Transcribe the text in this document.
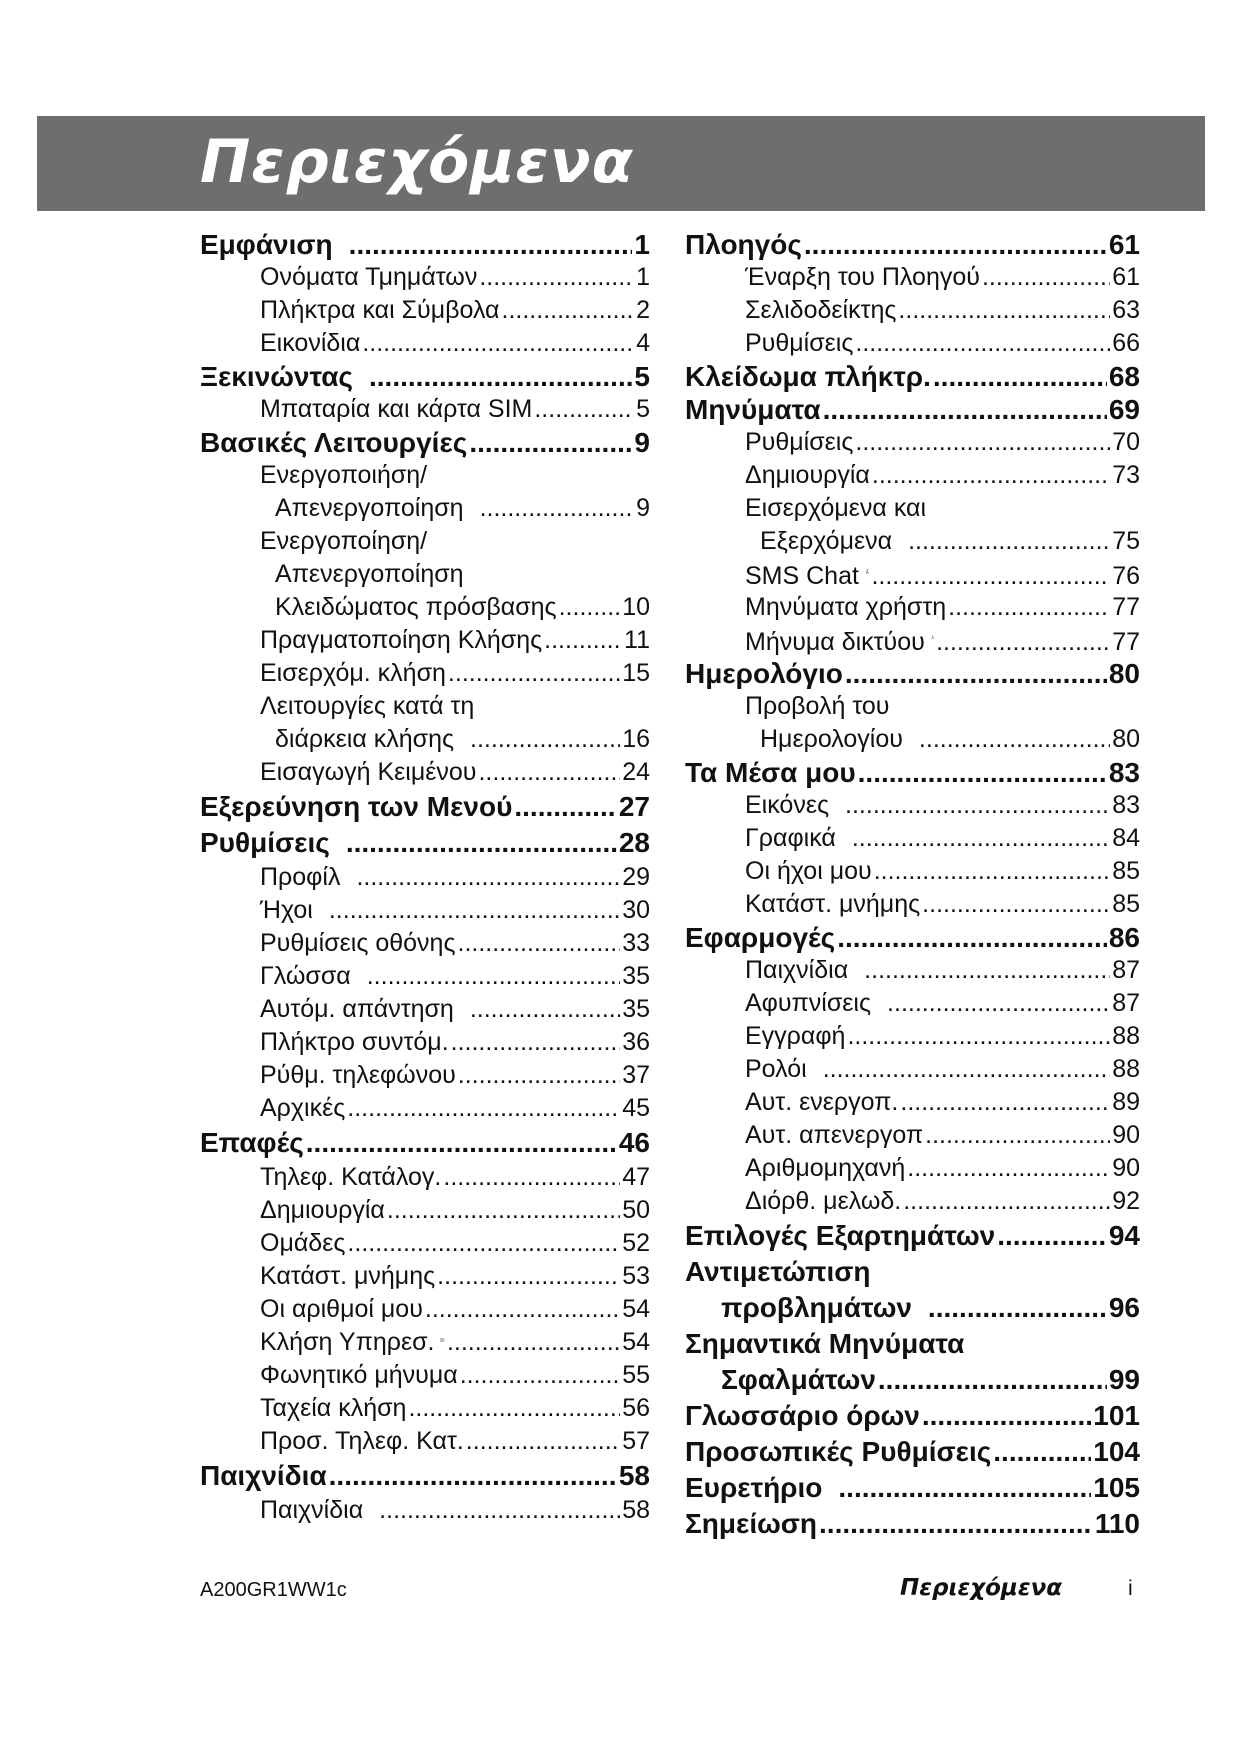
Περιεχόμενα
Εμφάνιση .....	1
Ονόματα Τμημάτων .....	1
Πλήκτρα και Σύμβολα .....	2
Εικονίδια .....	4
Ξεκινώντας .....	5
Μπαταρία και κάρτα SIM .....	5
Βασικές Λειτουργίες .....	9
Ενεργοποιήση/
Απενεργοποίηση .....	9
Ενεργοποίηση/
Απενεργοποίηση
Κλειδώματος πρόσβασης .....	10
Πραγματοποίηση Κλήσης .....	11
Εισερχόμ. κλήση .....	15
Λειτουργίες κατά τη
διάρκεια κλήσης .....	16
Εισαγωγή Κειμένου .....	24
Εξερεύνηση των Μενού .....	27
Ρυθμίσεις .....	28
Προφίλ .....	29
Ήχοι .....	30
Ρυθμίσεις οθόνης .....	33
Γλώσσα .....	35
Αυτόμ. απάντηση .....	35
Πλήκτρο συντόμ. .....	36
Ρύθμ. τηλεφώνου .....	37
Αρχικές .....	45
Επαφές .....	46
Τηλεφ. Κατάλογ. .....	47
Δημιουργία .....	50
Ομάδες .....	52
Κατάστ. μνήμης .....	53
Οι αριθμοί μου .....	54
Κλήση Υπηρεσ. .....	54
Φωνητικό μήνυμα .....	55
Ταχεία κλήση .....	56
Προσ. Τηλεφ. Κατ. .....	57
Παιχνίδια .....	58
Παιχνίδια .....	58
Πλοηγός .....	61
Έναρξη του Πλοηγού .....	61
Σελιδοδείκτης .....	63
Ρυθμίσεις .....	66
Κλείδωμα πλήκτρ. .....	68
Μηνύματα .....	69
Ρυθμίσεις .....	70
Δημιουργία .....	73
Εισερχόμενα και
Εξερχόμενα .....	75
SMS Chat .....	76
Μηνύματα χρήστη .....	77
Μήνυμα δικτύου .....	77
Ημερολόγιο .....	80
Προβολή του
Ημερολογίου .....	80
Τα Μέσα μου .....	83
Εικόνες .....	83
Γραφικά .....	84
Οι ήχοι μου .....	85
Κατάστ. μνήμης .....	85
Εφαρμογές .....	86
Παιχνίδια .....	87
Αφυπνίσεις .....	87
Εγγραφή .....	88
Ρολόι .....	88
Αυτ. ενεργοπ. .....	89
Αυτ. απενεργοπ .....	90
Αριθμομηχανή .....	90
Διόρθ. μελωδ. .....	92
Επιλογές Εξαρτημάτων .....	94
Αντιμετώπιση
προβλημάτων .....	96
Σημαντικά Μηνύματα
Σφαλμάτων .....	99
Γλωσσάριο όρων .....	101
Προσωπικές Ρυθμίσεις .....	104
Ευρετήριο .....	105
Σημείωση .....	110
A200GR1WW1c	Περιεχόμενα	i
